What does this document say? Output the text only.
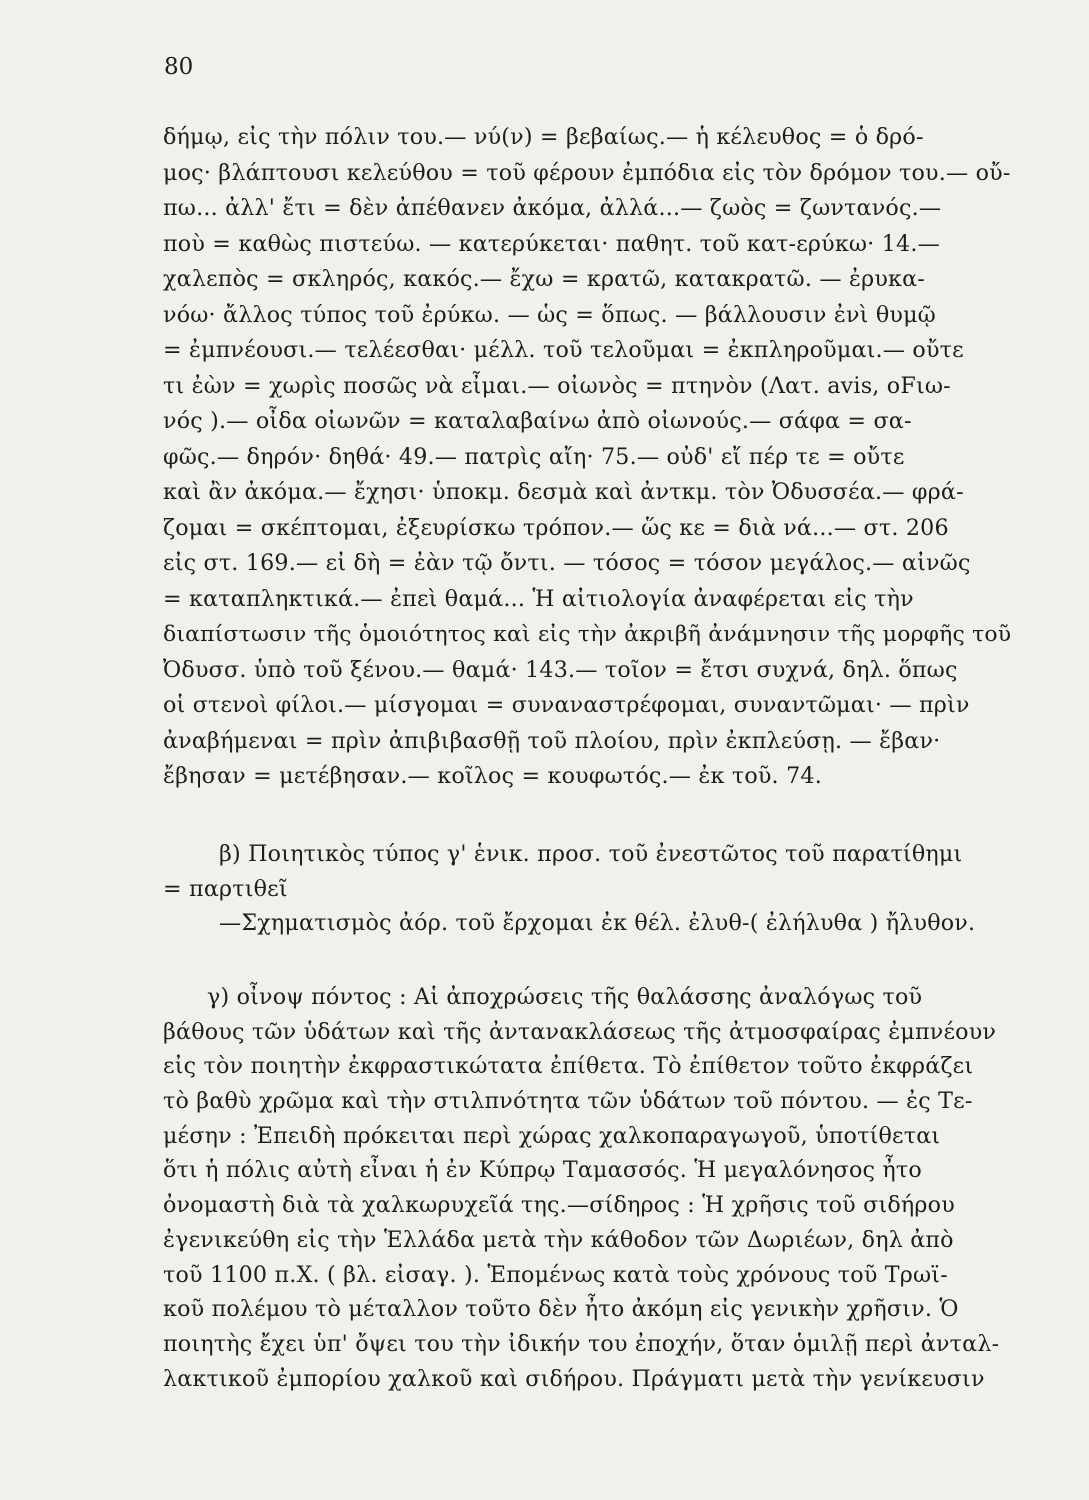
80
δήμῳ, εἰς τὴν πόλιν του.— νύ(ν) = βεβαίως.— ἡ κέλευθος = ὁ δρό-
μος· βλάπτουσι κελεύθου = τοῦ φέρουν ἐμπόδια εἰς τὸν δρόμον του.— οὔ-
πω... ἀλλ' ἔτι = δὲν ἀπέθανεν ἀκόμα, ἀλλά...— ζωὸς = ζωντανός.—
ποὺ = καθὼς πιστεύω. — κατερύκεται· παθητ. τοῦ κατ-ερύκω· 14.—
χαλεπὸς = σκληρός, κακός.— ἔχω = κρατῶ, κατακρατῶ. — ἐρυκα-
νόω· ἄλλος τύπος τοῦ ἐρύκω. — ὡς = ὅπως. — βάλλουσιν ἐνὶ θυμῷ
= ἐμπνέουσι.— τελέεσθαι· μέλλ. τοῦ τελοῦμαι = ἐκπληροῦμαι.— οὔτε
τι ἐὼν = χωρὶς ποσῶς νὰ εἶμαι.— οἰωνὸς = πτηνὸν (Λατ. avis, οFιω-
νός ).— οἶδα οἰωνῶν = καταλαβαίνω ἀπὸ οἰωνούς.— σάφα = σα-
φῶς.— δηρόν· δηθά· 49.— πατρὶς αἴη· 75.— οὐδ' εἴ πέρ τε = οὔτε
καὶ ἂν ἀκόμα.— ἔχησι· ὑποκμ. δεσμὰ καὶ ἀντκμ. τὸν Ὀδυσσέα.— φρά-
ζομαι = σκέπτομαι, ἐξευρίσκω τρόπον.— ὥς κε = διὰ νά...— στ. 206
εἰς στ. 169.— εἰ δὴ = ἐὰν τῷ ὄντι. — τόσος = τόσον μεγάλος.— αἰνῶς
= καταπληκτικά.— ἐπεὶ θαμά... Ἡ αἰτιολογία ἀναφέρεται εἰς τὴν
διαπίστωσιν τῆς ὁμοιότητος καὶ εἰς τὴν ἀκριβῆ ἀνάμνησιν τῆς μορφῆς τοῦ
Ὀδυσσ. ὑπὸ τοῦ ξένου.— θαμά· 143.— τοῖον = ἔτσι συχνά, δηλ. ὅπως
οἱ στενοὶ φίλοι.— μίσγομαι = συναναστρέφομαι, συναντῶμαι· — πρὶν
ἀναβήμεναι = πρὶν ἀπιβιβασθῇ τοῦ πλοίου, πρὶν ἐκπλεύσῃ. — ἔβαν·
ἔβησαν = μετέβησαν.— κοῖλος = κουφωτός.— ἐκ τοῦ. 74.
β) Ποιητικὸς τύπος γ' ἑνικ. προσ. τοῦ ἐνεστῶτος τοῦ παρατίθημι
= παρτιθεῖ
—Σχηματισμὸς ἀόρ. τοῦ ἔρχομαι ἐκ θέλ. ἐλυθ-( ἐλήλυθα ) ἤλυθον.
γ) οἶνοψ πόντος : Αἱ ἀποχρώσεις τῆς θαλάσσης ἀναλόγως τοῦ
βάθους τῶν ὑδάτων καὶ τῆς ἀντανακλάσεως τῆς ἀτμοσφαίρας ἐμπνέουν
εἰς τὸν ποιητὴν ἐκφραστικώτατα ἐπίθετα. Τὸ ἐπίθετον τοῦτο ἐκφράζει
τὸ βαθὺ χρῶμα καὶ τὴν στιλπνότητα τῶν ὑδάτων τοῦ πόντου. — ἐς Τε-
μέσην : Ἐπειδὴ πρόκειται περὶ χώρας χαλκοπαραγωγοῦ, ὑποτίθεται
ὅτι ἡ πόλις αὐτὴ εἶναι ἡ ἐν Κύπρῳ Ταμασσός. Ἡ μεγαλόνησος ἦτο
ὀνομαστὴ διὰ τὰ χαλκωρυχεῖά της.—σίδηρος : Ἡ χρῆσις τοῦ σιδήρου
ἐγενικεύθη εἰς τὴν Ἑλλάδα μετὰ τὴν κάθοδον τῶν Δωριέων, δηλ ἀπὸ
τοῦ 1100 π.Χ. ( βλ. εἰσαγ. ). Ἑπομένως κατὰ τοὺς χρόνους τοῦ Τρωϊ-
κοῦ πολέμου τὸ μέταλλον τοῦτο δὲν ἦτο ἀκόμη εἰς γενικὴν χρῆσιν. Ὁ
ποιητὴς ἔχει ὑπ' ὄψει του τὴν ἰδικήν του ἐποχήν, ὅταν ὁμιλῇ περὶ ἀνταλ-
λακτικοῦ ἐμπορίου χαλκοῦ καὶ σιδήρου. Πράγματι μετὰ τὴν γενίκευσιν
